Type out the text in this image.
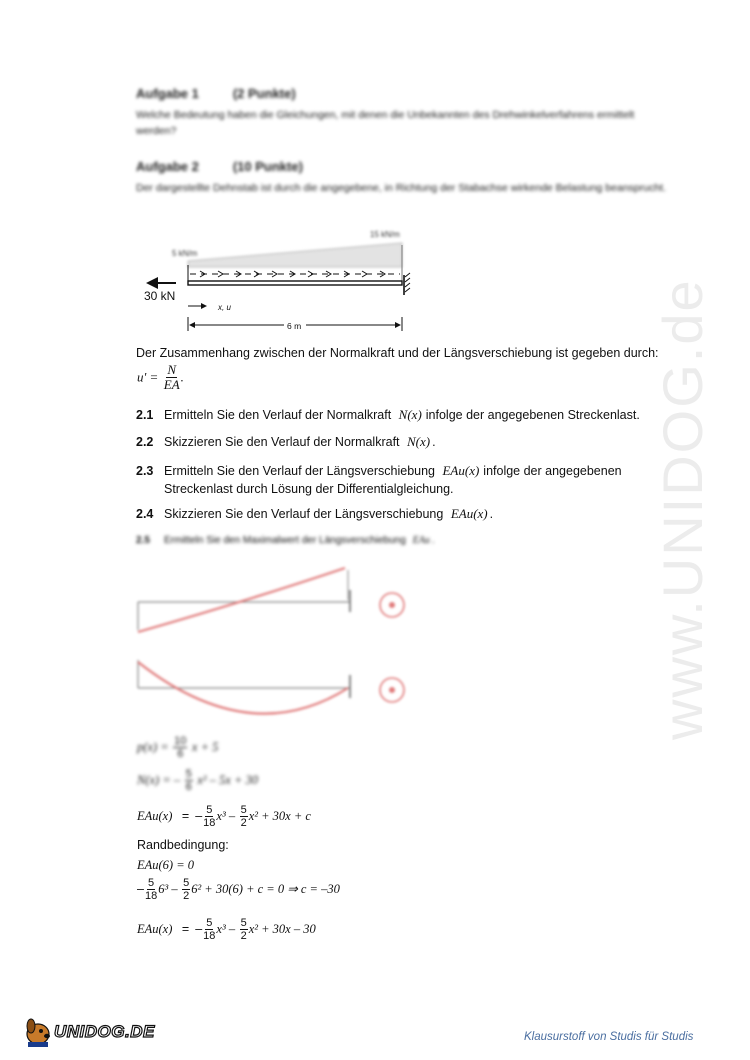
www.UNIDOG.de
Aufgabe 1	(2 Punkte)
Welche Bedeutung haben die Gleichungen, mit denen die Unbekannten des Drehwinkelverfahrens ermittelt werden?
Aufgabe 2	(10 Punkte)
Der dargestellte Dehnstab ist durch die angegebene, in Richtung der Stabachse wirkende Belastung beansprucht.
5 kN/m
15 kN/m
30 kN
x, u
6 m
Der Zusammenhang zwischen der Normalkraft und der Längsverschiebung ist gegeben durch:
$u' = \frac{N}{EA}$ .
2.1 Ermitteln Sie den Verlauf der Normalkraft N(x) infolge der angegebenen Streckenlast.
2.2 Skizzieren Sie den Verlauf der Normalkraft N(x) .
2.3 Ermitteln Sie den Verlauf der Längsverschiebung EAu(x) infolge der angegebenen
Streckenlast durch Lösung der Differentialgleichung.
2.4 Skizzieren Sie den Verlauf der Längsverschiebung EAu(x) .
2.5 Ermitteln Sie den Maximalwert der Längsverschiebung EAu .
$p(x) = \frac{10}{6}$ x + 5
N(x) = – $\frac{5}{6} x^2 - 5x + 30$
EAu(x) = – $\frac{5}{18} x^3 - \frac{5}{2} x^2 + 30x + c$
Randbedingung:
EAu(6) = 0
– $\frac{5}{18} 6^3 - \frac{5}{2} 6^2 + 30(6) + c = 0$ ⇒ c = –30
EAu(x) = – $\frac{5}{18} x^3 - \frac{5}{2} x^2 + 30x - 30$
UNIDOG.DE	Klausurstoff von Studis für Studis
